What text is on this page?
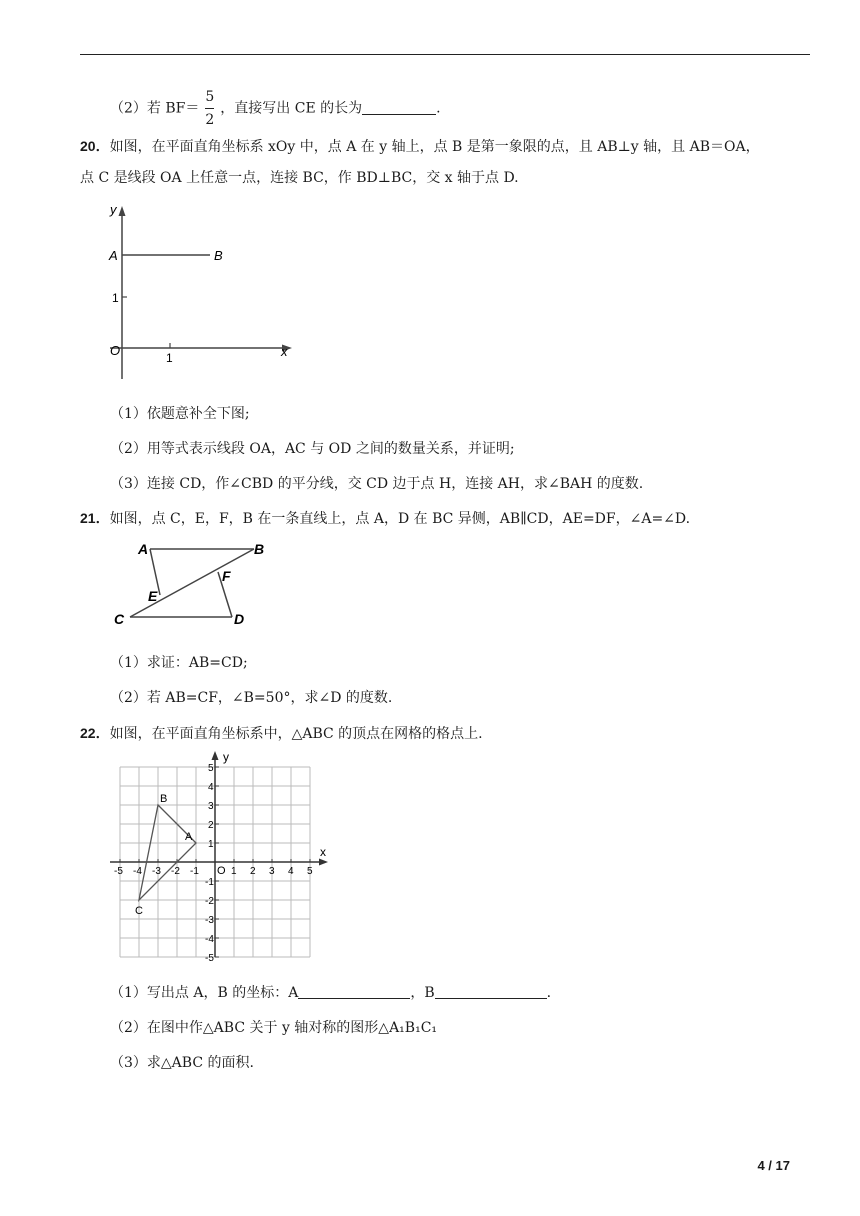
（2）若 $BF= \frac{5}{2}$ ，直接写出 CE 的长为	.
20．如图，在平面直角坐标系 xOy 中，点 A 在 y 轴上，点 B 是第一象限的点，且 AB⊥y 轴，且 AB＝OA，
点 C 是线段 OA 上任意一点，连接 BC，作 BD⊥BC，交 x 轴于点 D.
y
x
A	B
O
1
1
（1）依题意补全下图;
（2）用等式表示线段 OA，AC 与 OD 之间的数量关系，并证明;
（3）连接 CD，作∠CBD 的平分线，交 CD 边于点 H，连接 AH，求∠BAH 的度数.
21．如图，点 C，E，F，B 在一条直线上，点 A，D 在 BC 异侧，AB∥CD，AE=DF，∠A=∠D.
A	B
C	D
E
F
（1）求证：AB=CD;
（2）若 AB=CF，∠B=50°，求∠D 的度数.
22．如图，在平面直角坐标系中，△ABC 的顶点在网格的格点上.
-5 -4 -3 -2 -1	1 2 3 4 5
5
4
3
2
1
-1
-2
-3
-4
-5
A
B
C
O
x
y
（1）写出点 A，B 的坐标：A	，B	.
（2）在图中作△ABC 关于 y 轴对称的图形△A₁B₁C₁
（3）求△ABC 的面积.
4 / 17
